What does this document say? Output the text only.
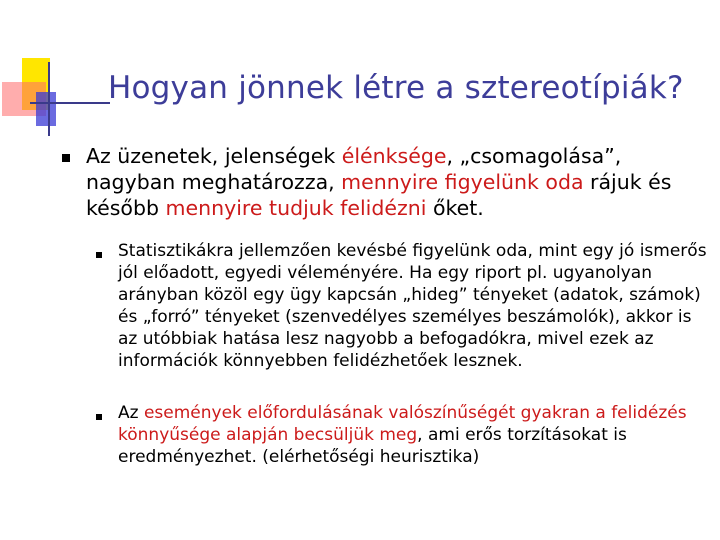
Hogyan jönnek létre a sztereotípiák?
Az üzenetek, jelenségek élénksége, „csomagolása”, nagyban meghatározza, mennyire figyelünk oda rájuk és később mennyire tudjuk felidézni őket.
Statisztikákra jellemzően kevésbé figyelünk oda, mint egy jó ismerős jól előadott, egyedi véleményére. Ha egy riport pl. ugyanolyan arányban közöl egy ügy kapcsán „hideg” tényeket (adatok, számok) és „forró” tényeket (szenvedélyes személyes beszámolók), akkor is az utóbbiak hatása lesz nagyobb a befogadókra, mivel ezek az információk könnyebben felidézhetőek lesznek.
Az események előfordulásának valószínűségét gyakran a felidézés könnyűsége alapján becsüljük meg, ami erős torzításokat is eredményezhet. (elérhetőségi heurisztika)
